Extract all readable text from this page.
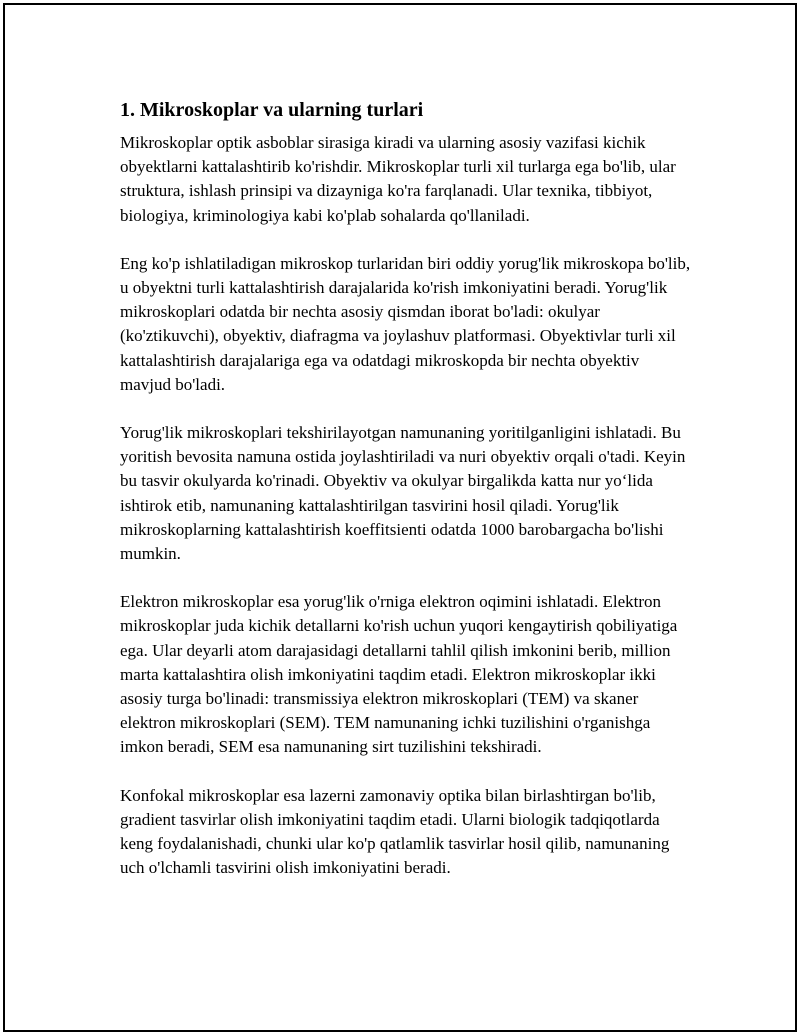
1. Mikroskoplar va ularning turlari

Mikroskoplar optik asboblar sirasiga kiradi va ularning asosiy vazifasi kichik obyektlarni kattalashtirib ko'rishdir. Mikroskoplar turli xil turlarga ega bo'lib, ular struktura, ishlash prinsipi va dizayniga ko'ra farqlanadi. Ular texnika, tibbiyot, biologiya, kriminologiya kabi ko'plab sohalarda qo'llaniladi.

Eng ko'p ishlatiladigan mikroskop turlaridan biri oddiy yorug'lik mikroskopa bo'lib, u obyektni turli kattalashtirish darajalarida ko'rish imkoniyatini beradi. Yorug'lik mikroskoplari odatda bir nechta asosiy qismdan iborat bo'ladi: okulyar (ko'ztikuvchi), obyektiv, diafragma va joylashuv platformasi. Obyektivlar turli xil kattalashtirish darajalariga ega va odatdagi mikroskopda bir nechta obyektiv mavjud bo'ladi.

Yorug'lik mikroskoplari tekshirilayotgan namunaning yoritilganligini ishlatadi. Bu yoritish bevosita namuna ostida joylashtiriladi va nuri obyektiv orqali o'tadi. Keyin bu tasvir okulyarda ko'rinadi. Obyektiv va okulyar birgalikda katta nur yo‘lida ishtirok etib, namunaning kattalashtirilgan tasvirini hosil qiladi. Yorug'lik mikroskoplarning kattalashtirish koeffitsienti odatda 1000 barobargacha bo'lishi mumkin.

Elektron mikroskoplar esa yorug'lik o'rniga elektron oqimini ishlatadi. Elektron mikroskoplar juda kichik detallarni ko'rish uchun yuqori kengaytirish qobiliyatiga ega. Ular deyarli atom darajasidagi detallarni tahlil qilish imkonini berib, million marta kattalashtira olish imkoniyatini taqdim etadi. Elektron mikroskoplar ikki asosiy turga bo'linadi: transmissiya elektron mikroskoplari (TEM) va skaner elektron mikroskoplari (SEM). TEM namunaning ichki tuzilishini o'rganishga imkon beradi, SEM esa namunaning sirt tuzilishini tekshiradi.

Konfokal mikroskoplar esa lazerni zamonaviy optika bilan birlashtirgan bo'lib, gradient tasvirlar olish imkoniyatini taqdim etadi. Ularni biologik tadqiqotlarda keng foydalanishadi, chunki ular ko'p qatlamlik tasvirlar hosil qilib, namunaning uch o'lchamli tasvirini olish imkoniyatini beradi.
